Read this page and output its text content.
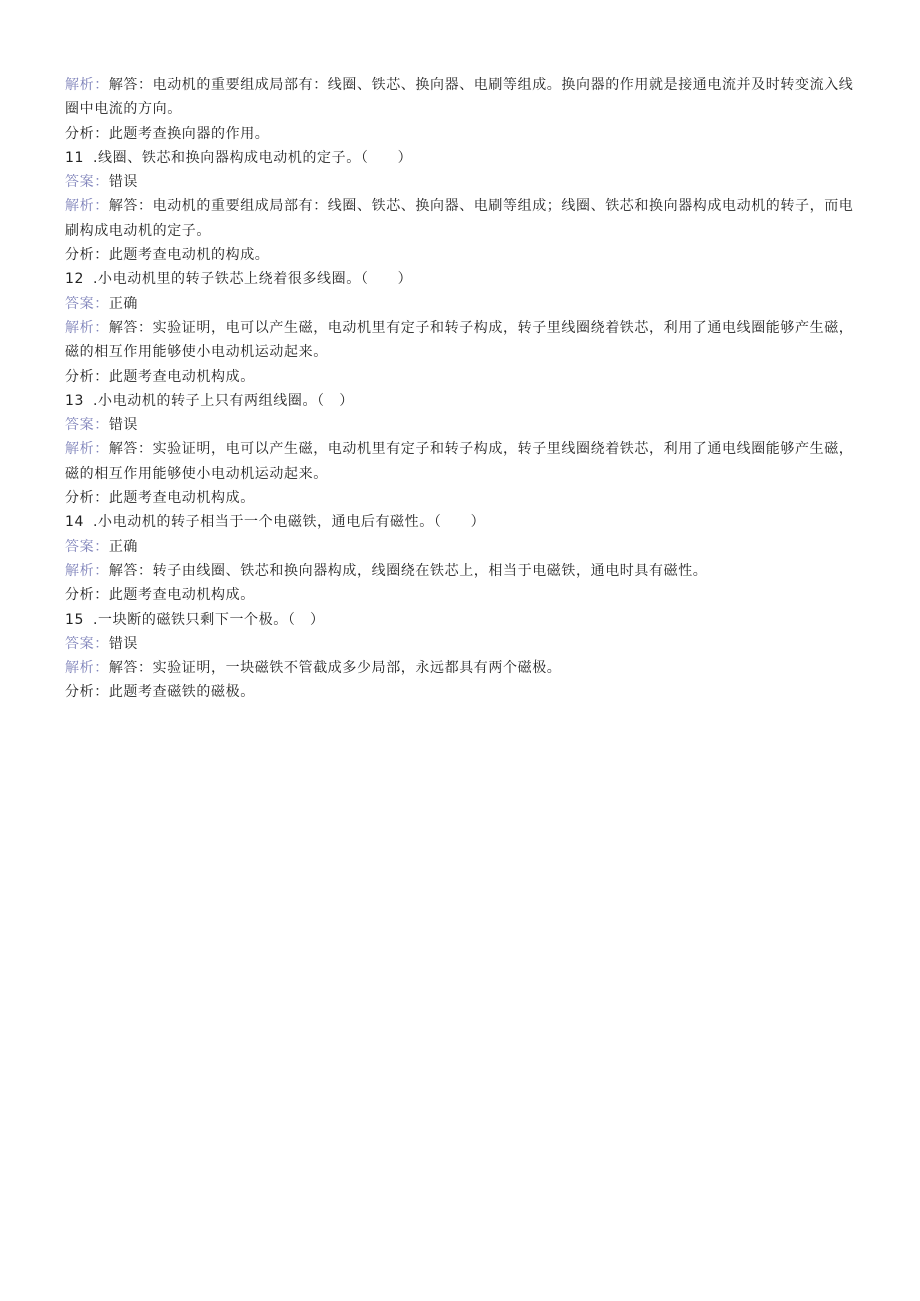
解析：解答：电动机的重要组成局部有：线圈、铁芯、换向器、电刷等组成。换向器的作用就是接通电流并及时转变流入线圈中电流的方向。
分析：此题考查换向器的作用。
11 .线圈、铁芯和换向器构成电动机的定子。（　　）
答案：错误
解析：解答：电动机的重要组成局部有：线圈、铁芯、换向器、电刷等组成；线圈、铁芯和换向器构成电动机的转子，而电刷构成电动机的定子。
分析：此题考查电动机的构成。
12 .小电动机里的转子铁芯上绕着很多线圈。（　　）
答案：正确
解析：解答：实验证明，电可以产生磁，电动机里有定子和转子构成，转子里线圈绕着铁芯，利用了通电线圈能够产生磁，磁的相互作用能够使小电动机运动起来。
分析：此题考查电动机构成。
13 .小电动机的转子上只有两组线圈。（　）
答案：错误
解析：解答：实验证明，电可以产生磁，电动机里有定子和转子构成，转子里线圈绕着铁芯，利用了通电线圈能够产生磁，磁的相互作用能够使小电动机运动起来。
分析：此题考查电动机构成。
14 .小电动机的转子相当于一个电磁铁，通电后有磁性。（　　）
答案：正确
解析：解答：转子由线圈、铁芯和换向器构成，线圈绕在铁芯上，相当于电磁铁，通电时具有磁性。
分析：此题考查电动机构成。
15 .一块断的磁铁只剩下一个极。（　）
答案：错误
解析：解答：实验证明，一块磁铁不管截成多少局部，永远都具有两个磁极。
分析：此题考查磁铁的磁极。
